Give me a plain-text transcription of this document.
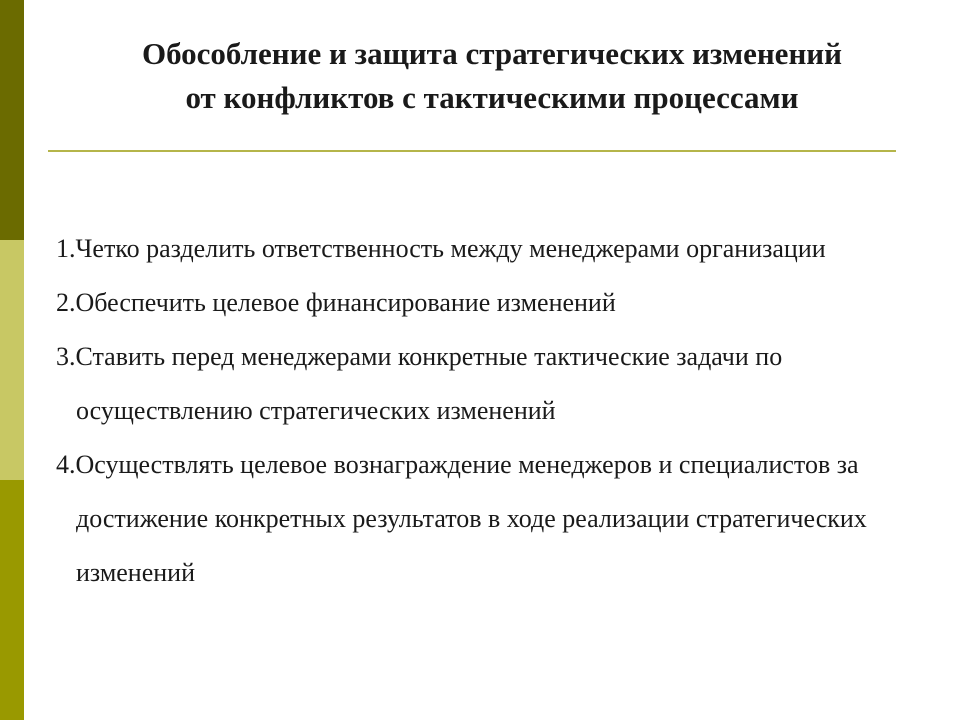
Обособление и защита стратегических изменений
от конфликтов с тактическими процессами
1.Четко разделить ответственность между менеджерами организации
2.Обеспечить целевое финансирование изменений
3.Ставить перед менеджерами конкретные тактические задачи по осуществлению стратегических изменений
4.Осуществлять целевое вознаграждение менеджеров и специалистов за достижение конкретных результатов в ходе реализации стратегических изменений
